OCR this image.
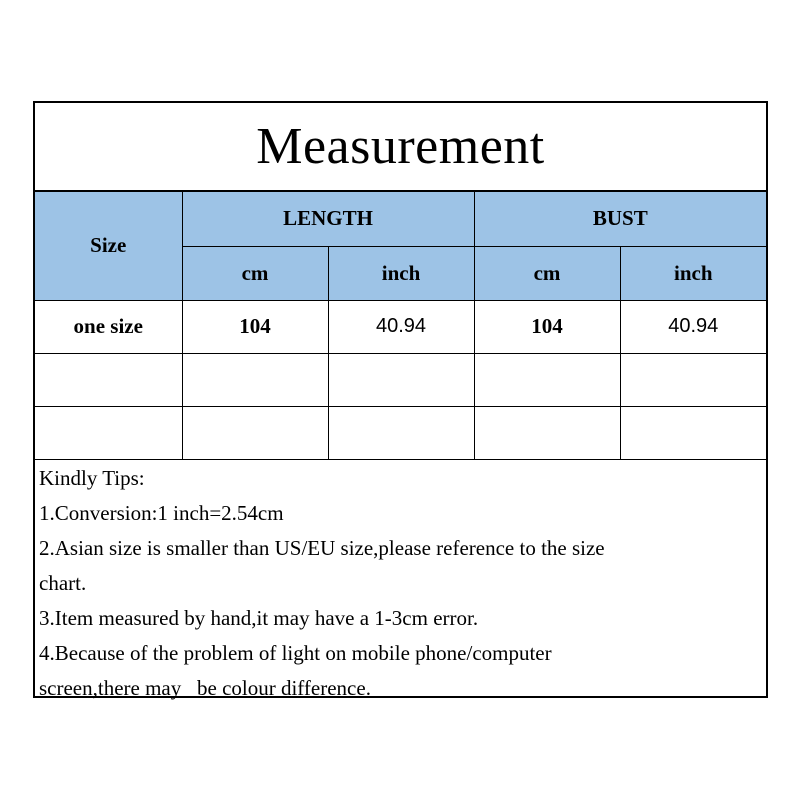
Measurement
Size	LENGTH		BUST	
	cm	inch	cm	inch
one size	104	40.94	104	40.94

Kindly Tips:
1.Conversion:1 inch=2.54cm
2.Asian size is smaller than US/EU size,please reference to the size
chart.
3.Item measured by hand,it may have a 1-3cm error.
4.Because of the problem of light on mobile phone/computer
screen,there may   be colour difference.
